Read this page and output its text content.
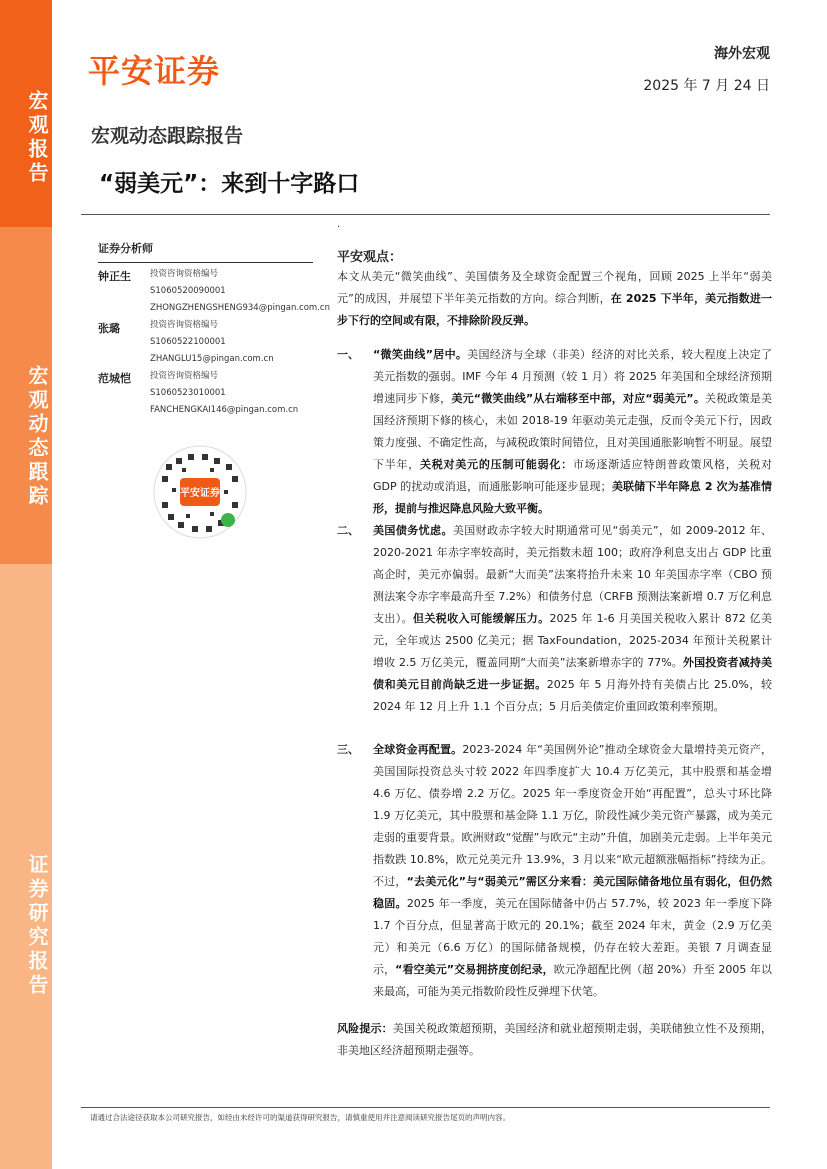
宏观报告
宏观动态跟踪
证券研究报告
平安证券	海外宏观
2025 年 7 月 24 日
宏观动态跟踪报告
“弱美元”：来到十字路口
证券分析师
钟正生 投资咨询资格编号
S1060520090001
ZHONGZHENGSHENG934@pingan.com.cn
张璐	投资咨询资格编号
S1060522100001
ZHANGLU15@pingan.com.cn
范城恺 投资咨询资格编号
S1060523010001
FANCHENGKAI146@pingan.com.cn
平安证券
·
平安观点：
本文从美元“微笑曲线”、美国债务及全球资金配置三个视角，回顾 2025 上半年“弱美元”的成因，并展望下半年美元指数的方向。综合判断，在 2025 下半年，美元指数进一步下行的空间或有限，不排除阶段反弹。
一、 “微笑曲线”居中。美国经济与全球（非美）经济的对比关系，较大程度上决定了美元指数的强弱。IMF 今年 4 月预测（较 1 月）将 2025 年美国和全球经济预期增速同步下修，美元“微笑曲线”从右端移至中部，对应“弱美元”。关税政策是美国经济预期下修的核心，未如 2018-19 年驱动美元走强，反而令美元下行，因政策力度强、不确定性高，与减税政策时间错位，且对美国通胀影响暂不明显。展望下半年，关税对美元的压制可能弱化：市场逐渐适应特朗普政策风格，关税对 GDP 的扰动或消退，而通胀影响可能逐步显现；美联储下半年降息 2 次为基准情形，提前与推迟降息风险大致平衡。
二、 美国债务忧虑。美国财政赤字较大时期通常可见“弱美元”，如 2009-2012 年、2020-2021 年赤字率较高时，美元指数未超 100；政府净利息支出占 GDP 比重高企时，美元亦偏弱。最新“大而美”法案将抬升未来 10 年美国赤字率（CBO 预测法案令赤字率最高升至 7.2%）和债务付息（CRFB 预测法案新增 0.7 万亿利息支出）。但关税收入可能缓解压力。2025 年 1-6 月美国关税收入累计 872 亿美元，全年或达 2500 亿美元；据 TaxFoundation，2025-2034 年预计关税累计增收 2.5 万亿美元，覆盖同期“大而美”法案新增赤字的 77%。外国投资者减持美债和美元目前尚缺乏进一步证据。2025 年 5 月海外持有美债占比 25.0%，较 2024 年 12 月上升 1.1 个百分点；5 月后美债定价重回政策利率预期。
三、 全球资金再配置。2023-2024 年“美国例外论”推动全球资金大量增持美元资产，美国国际投资总头寸较 2022 年四季度扩大 10.4 万亿美元，其中股票和基金增 4.6 万亿、债券增 2.2 万亿。2025 年一季度资金开始“再配置”，总头寸环比降 1.9 万亿美元，其中股票和基金降 1.1 万亿，阶段性减少美元资产暴露，成为美元走弱的重要背景。欧洲财政“觉醒”与欧元“主动”升值，加剧美元走弱。上半年美元指数跌 10.8%，欧元兑美元升 13.9%，3 月以来“欧元超额涨幅指标”持续为正。不过，“去美元化”与“弱美元”需区分来看：美元国际储备地位虽有弱化，但仍然稳固。2025 年一季度，美元在国际储备中仍占 57.7%，较 2023 年一季度下降 1.7 个百分点，但显著高于欧元的 20.1%；截至 2024 年末，黄金（2.9 万亿美元）和美元（6.6 万亿）的国际储备规模，仍存在较大差距。美银 7 月调查显示，“看空美元”交易拥挤度创纪录，欧元净超配比例（超 20%）升至 2005 年以来最高，可能为美元指数阶段性反弹埋下伏笔。
风险提示：美国关税政策超预期，美国经济和就业超预期走弱，美联储独立性不及预期，非美地区经济超预期走强等。
请通过合法途径获取本公司研究报告，如经由未经许可的渠道获得研究报告，请慎重使用并注意阅读研究报告尾页的声明内容。
